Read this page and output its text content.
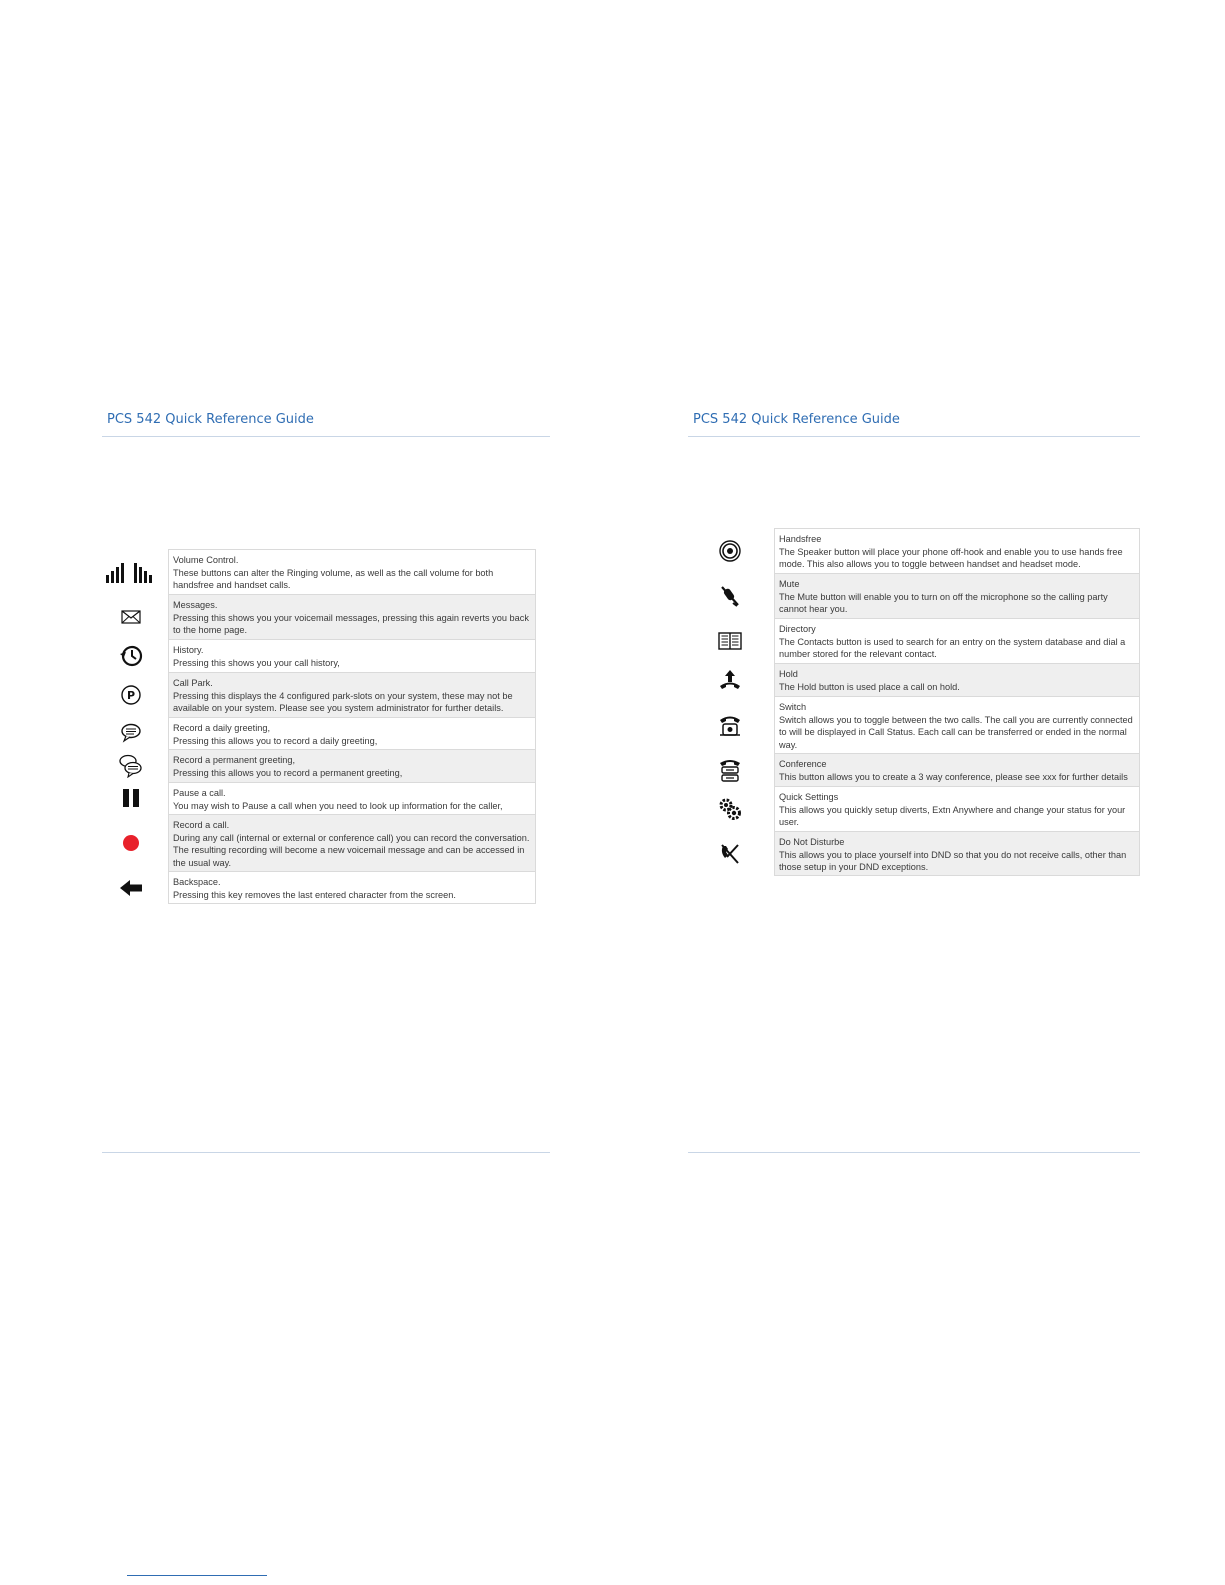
PCS 542 Quick Reference Guide
Volume Control.
These buttons can alter the Ringing volume, as well as the call volume for both handsfree and handset calls.
Messages.
Pressing this shows you your voicemail messages, pressing this again reverts you back to the home page.
History.
Pressing this shows you your call history,
P
Call Park.
Pressing this displays the 4 configured park-slots on your system, these may not be available on your system. Please see you system administrator for further details.
Record a daily greeting,
Pressing this allows you to record a daily greeting,
Record a permanent greeting,
Pressing this allows you to record a permanent greeting,
Pause a call.
You may wish to Pause a call when you need to look up information for the caller,
Record a call.
During any call (internal or external or conference call) you can record the conversation. The resulting recording will become a new voicemail message and can be accessed in the usual way.
Backspace.
Pressing this key removes the last entered character from the screen.
PCS 542 Quick Reference Guide
Handsfree
The Speaker button will place your phone off-hook and enable you to use hands free mode. This also allows you to toggle between handset and headset mode.
Mute
The Mute button will enable you to turn on off the microphone so the calling party cannot hear you.
Directory
The Contacts button is used to search for an entry on the system database and dial a number stored for the relevant contact.
Hold
The Hold button is used place a call on hold.
Switch
Switch allows you to toggle between the two calls. The call you are currently connected to will be displayed in Call Status. Each call can be transferred or ended in the normal way.
Conference
This button allows you to create a 3 way conference, please see xxx for further details
Quick Settings
This allows you quickly setup diverts, Extn Anywhere and change your status for your user.
Do Not Disturbe
This allows you to place yourself into DND so that you do not receive calls, other than those setup in your DND exceptions.
